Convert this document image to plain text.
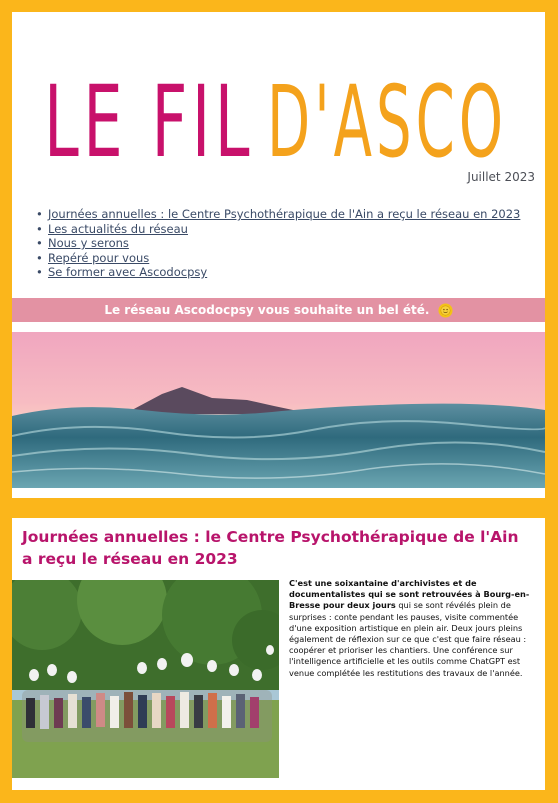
LE FIL D'ASCO
Juillet 2023
• Journées annuelles : le Centre Psychothérapique de l'Ain a reçu le réseau en 2023
• Les actualités du réseau
• Nous y serons
• Repéré pour vous
• Se former avec Ascodocpsy
Le réseau Ascodocpsy vous souhaite un bel été.
Journées annuelles : le Centre Psychothérapique de l'Ain a reçu le réseau en 2023

C'est une soixantaine d'archivistes et de documentalistes qui se sont retrouvées à Bourg-en-Bresse pour deux jours qui se sont révélés plein de surprises : conte pendant les pauses, visite commentée d'une exposition artistique en plein air. Deux jours pleins également de réflexion sur ce que c'est que faire réseau : coopérer et prioriser les chantiers. Une conférence sur l'intelligence artificielle et les outils comme ChatGPT est venue complétée les restitutions des travaux de l'année.
